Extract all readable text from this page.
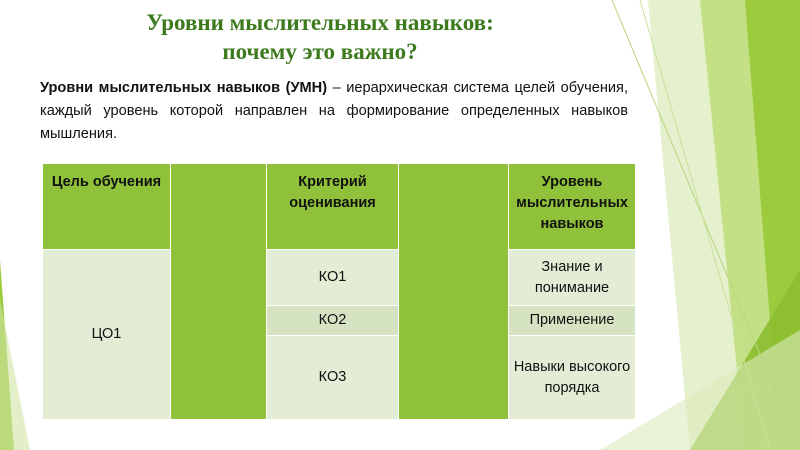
Уровни мыслительных навыков:
почему это важно?
Уровни мыслительных навыков (УМН) – иерархическая система целей обучения, каждый уровень которой направлен на формирование определенных навыков мышления.
Цель обучения		Критерий оценивания		Уровень мыслительных навыков
ЦО1		КО1		Знание и понимание
		КО2		Применение
		КО3		Навыки высокого порядка
